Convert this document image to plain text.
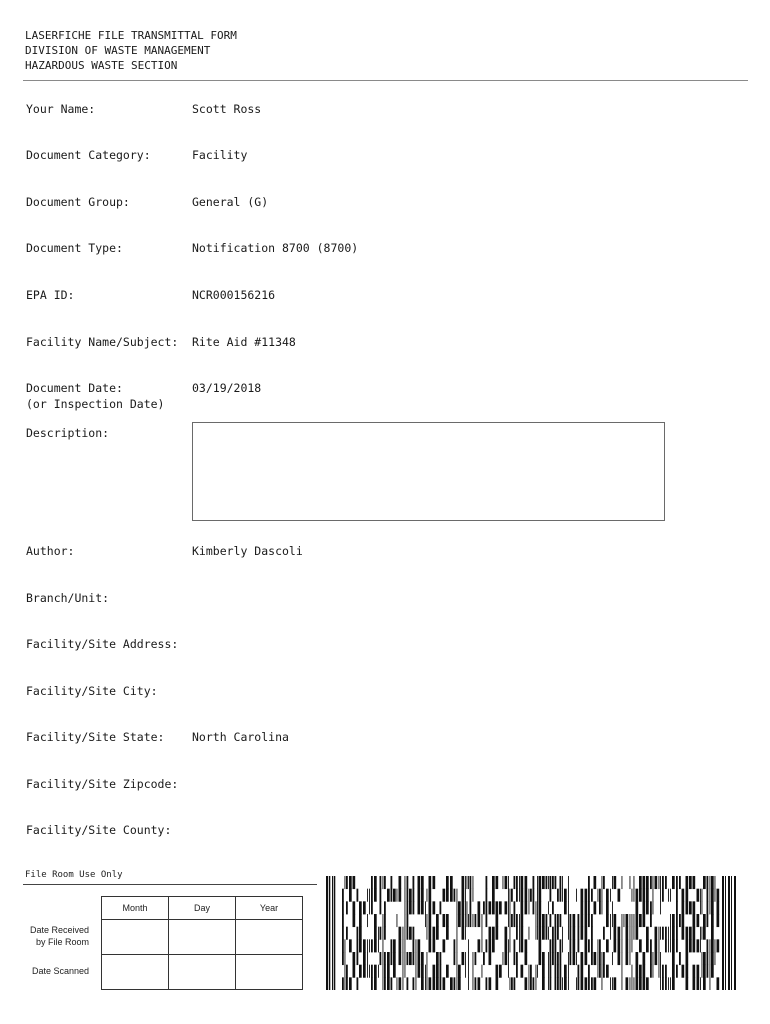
LASERFICHE FILE TRANSMITTAL FORM
DIVISION OF WASTE MANAGEMENT
HAZARDOUS WASTE SECTION
Your Name:	Scott Ross
Document Category:	Facility
Document Group:	General (G)
Document Type:	Notification 8700 (8700)
EPA ID:	NCR000156216
Facility Name/Subject:	Rite Aid #11348
Document Date:	03/19/2018
(or Inspection Date)
Description:
Author:	Kimberly Dascoli
Branch/Unit:
Facility/Site Address:
Facility/Site City:
Facility/Site State:	North Carolina
Facility/Site Zipcode:
Facility/Site County:
File Room Use Only
Month	Day	Year

Date Received
by File Room
Date Scanned
